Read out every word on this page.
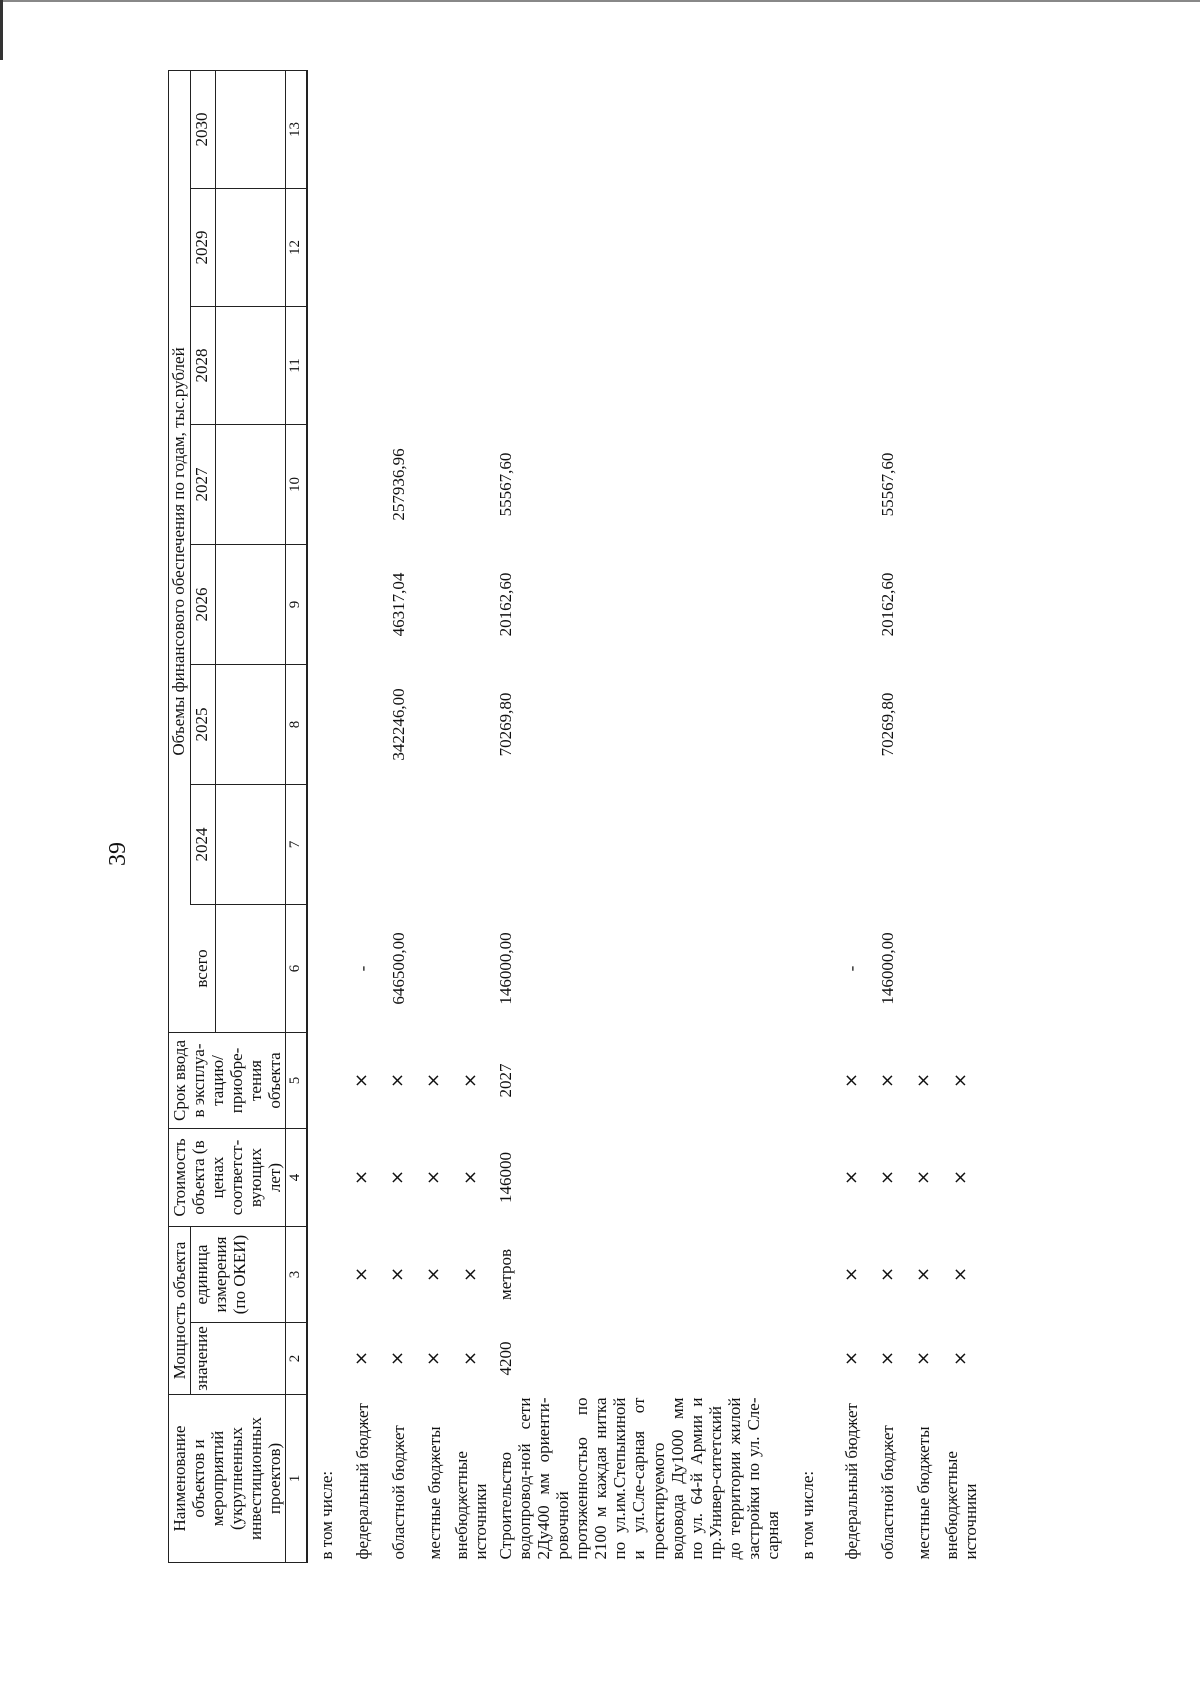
39
Наименование объектов и мероприятий (укрупненных инвестиционных проектов)	Мощность объекта		Стоимость объекта (в ценах соответст-вующих лет)	Срок ввода в эксплуа-тацию/ приобре-тения объекта	Объемы финансового обеспечения по годам, тыс.рублей							
	значение	единица измерения (по ОКЕИ)			всего	2024	2025	2026	2027	2028	2029	2030

1	2	3	4	5	6	7	8	9	10	11	12	13
в том числе:												
федеральный бюджет	×	×	×	×	-							
областной бюджет	×	×	×	×	646500,00		342246,00	46317,04	257936,96			
местные бюджеты	×	×	×	×								
внебюджетные источники	×	×	×	×								
Строительство водопровод-ной сети 2Ду400 мм ориенти-ровочной протяженностью по 2100 м каждая нитка по ул.им.Степыкиной и ул.Сле-сарная от проектируемого водовода Ду1000 мм по ул. 64-й Армии и пр.Универ-ситетский до территории жилой застройки по ул. Сле-сарная	4200	метров	146000	2027	146000,00		70269,80	20162,60	55567,60			
в том числе:												
федеральный бюджет	×	×	×	×	-							
областной бюджет	×	×	×	×	146000,00		70269,80	20162,60	55567,60			
местные бюджеты	×	×	×	×								
внебюджетные источники	×	×	×	×								
